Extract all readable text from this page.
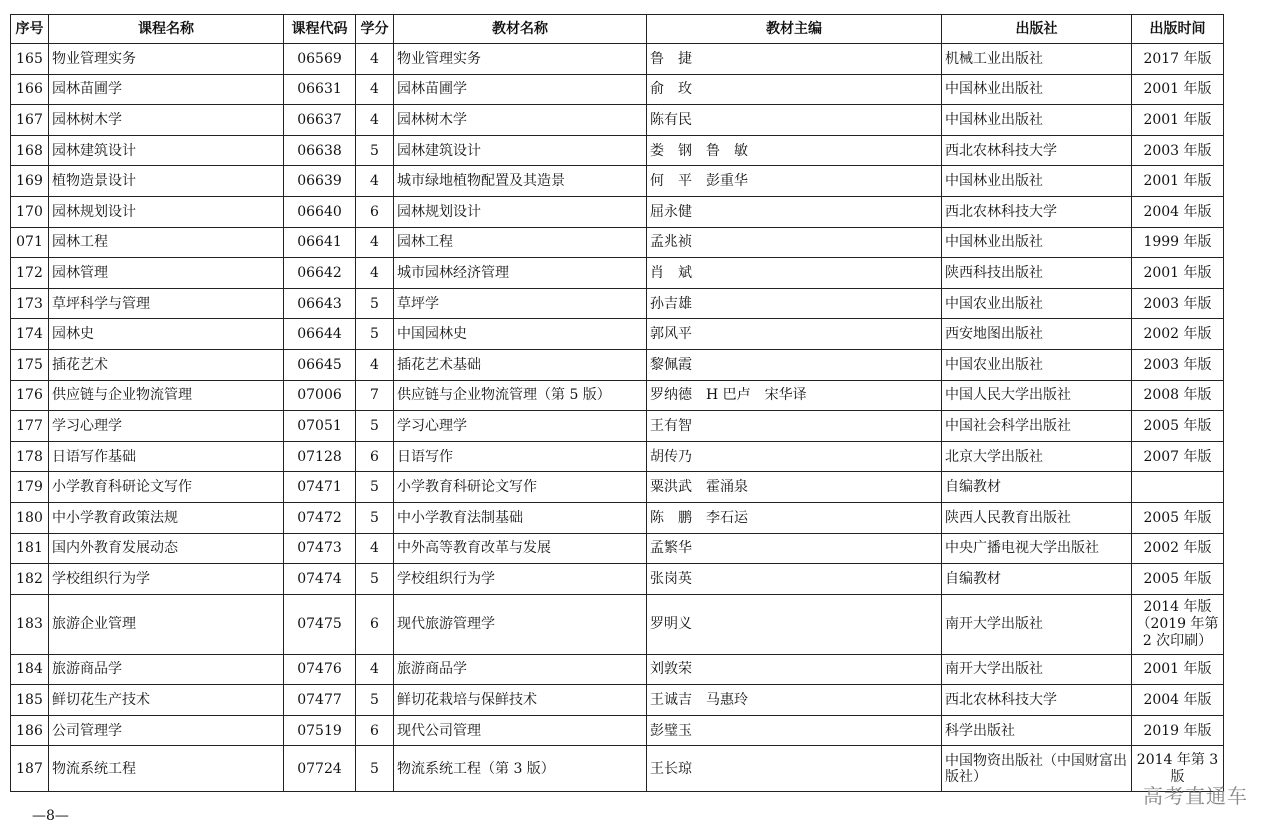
序号	课程名称	课程代码	学分	教材名称	教材主编	出版社	出版时间
165	物业管理实务	06569	4	物业管理实务	鲁　捷	机械工业出版社	2017 年版
166	园林苗圃学	06631	4	园林苗圃学	俞　玫	中国林业出版社	2001 年版
167	园林树木学	06637	4	园林树木学	陈有民	中国林业出版社	2001 年版
168	园林建筑设计	06638	5	园林建筑设计	娄　钢　鲁　敏	西北农林科技大学	2003 年版
169	植物造景设计	06639	4	城市绿地植物配置及其造景	何　平　彭重华	中国林业出版社	2001 年版
170	园林规划设计	06640	6	园林规划设计	屈永健	西北农林科技大学	2004 年版
071	园林工程	06641	4	园林工程	孟兆祯	中国林业出版社	1999 年版
172	园林管理	06642	4	城市园林经济管理	肖　斌	陕西科技出版社	2001 年版
173	草坪科学与管理	06643	5	草坪学	孙吉雄	中国农业出版社	2003 年版
174	园林史	06644	5	中国园林史	郭风平	西安地图出版社	2002 年版
175	插花艺术	06645	4	插花艺术基础	黎佩霞	中国农业出版社	2003 年版
176	供应链与企业物流管理	07006	7	供应链与企业物流管理（第 5 版）	罗纳德　H 巴卢　宋华译	中国人民大学出版社	2008 年版
177	学习心理学	07051	5	学习心理学	王有智	中国社会科学出版社	2005 年版
178	日语写作基础	07128	6	日语写作	胡传乃	北京大学出版社	2007 年版
179	小学教育科研论文写作	07471	5	小学教育科研论文写作	粟洪武　霍涌泉	自编教材	
180	中小学教育政策法规	07472	5	中小学教育法制基础	陈　鹏　李石运	陕西人民教育出版社	2005 年版
181	国内外教育发展动态	07473	4	中外高等教育改革与发展	孟繁华	中央广播电视大学出版社	2002 年版
182	学校组织行为学	07474	5	学校组织行为学	张岗英	自编教材	2005 年版
183	旅游企业管理	07475	6	现代旅游管理学	罗明义	南开大学出版社	2014 年版（2019 年第 2 次印刷）
184	旅游商品学	07476	4	旅游商品学	刘敦荣	南开大学出版社	2001 年版
185	鲜切花生产技术	07477	5	鲜切花栽培与保鲜技术	王诚吉　马惠玲	西北农林科技大学	2004 年版
186	公司管理学	07519	6	现代公司管理	彭璧玉	科学出版社	2019 年版
187	物流系统工程	07724	5	物流系统工程（第 3 版）	王长琼	中国物资出版社（中国财富出版社）	2014 年第 3 版
—8—
高考直通车
